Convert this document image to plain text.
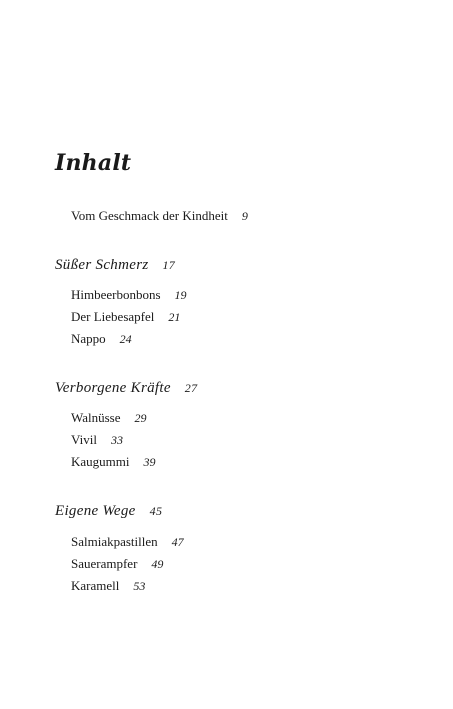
Inhalt
Vom Geschmack der Kindheit 9
Süßer Schmerz 17
Himbeerbonbons 19
Der Liebesapfel 21
Nappo 24
Verborgene Kräfte 27
Walnüsse 29
Vivil 33
Kaugummi 39
Eigene Wege 45
Salmiakpastillen 47
Sauerampfer 49
Karamell 53
